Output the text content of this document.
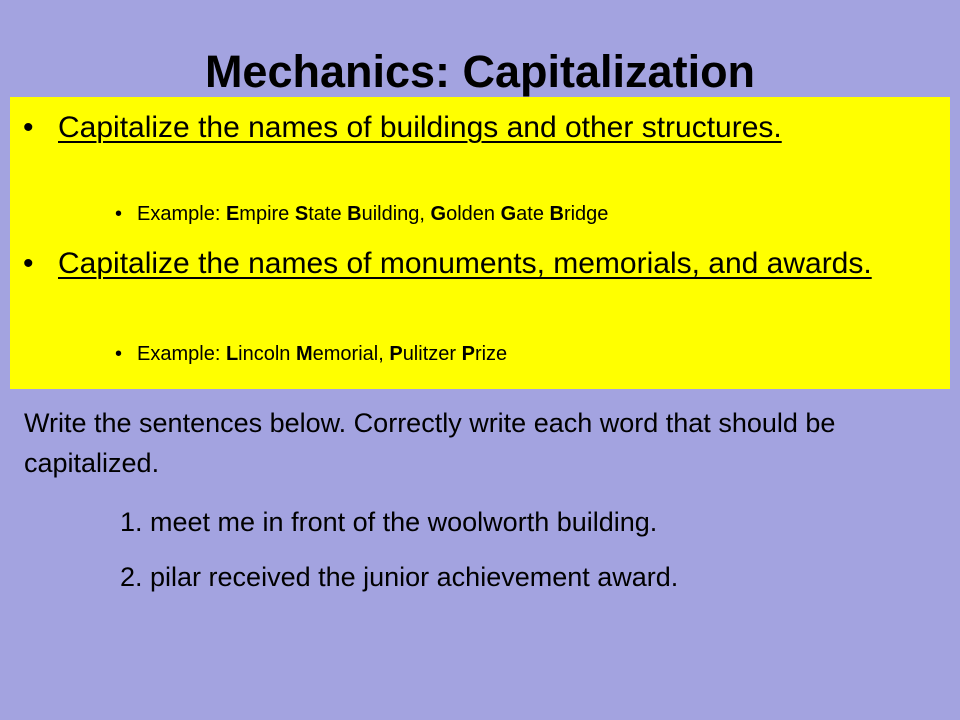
Mechanics: Capitalization
• Capitalize the names of buildings and other structures.
• Example: Empire State Building, Golden Gate Bridge
• Capitalize the names of monuments, memorials, and awards.
• Example: Lincoln Memorial, Pulitzer Prize

Write the sentences below. Correctly write each word that should be capitalized.

1. meet me in front of the woolworth building.

2. pilar received the junior achievement award.
